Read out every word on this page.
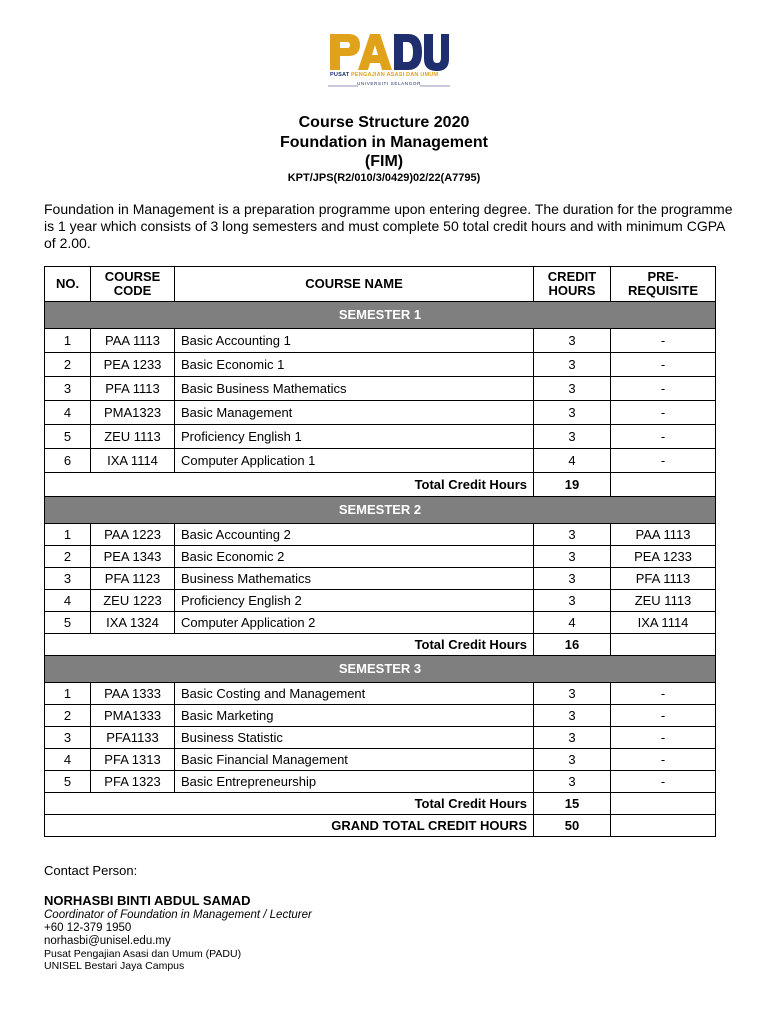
PUSAT PENGAJIAN ASASI DAN UMUM
UNIVERSITI SELANGOR
Course Structure 2020
Foundation in Management
(FIM)
KPT/JPS(R2/010/3/0429)02/22(A7795)
Foundation in Management is a preparation programme upon entering degree. The duration for the programme is 1 year which consists of 3 long semesters and must complete 50 total credit hours and with minimum CGPA of 2.00.
NO.	COURSE CODE	COURSE NAME	CREDIT HOURS	PRE-REQUISITE
SEMESTER 1				
1	PAA 1113	Basic Accounting 1	3	-
2	PEA 1233	Basic Economic 1	3	-
3	PFA 1113	Basic Business Mathematics	3	-
4	PMA1323	Basic Management	3	-
5	ZEU 1113	Proficiency English 1	3	-
6	IXA 1114	Computer Application 1	4	-
Total Credit Hours			19	
SEMESTER 2				
1	PAA 1223	Basic Accounting 2	3	PAA 1113
2	PEA 1343	Basic Economic 2	3	PEA 1233
3	PFA 1123	Business Mathematics	3	PFA 1113
4	ZEU 1223	Proficiency English 2	3	ZEU 1113
5	IXA 1324	Computer Application 2	4	IXA 1114
Total Credit Hours			16	
SEMESTER 3				
1	PAA 1333	Basic Costing and Management	3	-
2	PMA1333	Basic Marketing	3	-
3	PFA1133	Business Statistic	3	-
4	PFA 1313	Basic Financial Management	3	-
5	PFA 1323	Basic Entrepreneurship	3	-
Total Credit Hours			15	
GRAND TOTAL CREDIT HOURS			50	
Contact Person:
NORHASBI BINTI ABDUL SAMAD
Coordinator of Foundation in Management / Lecturer
+60 12-379 1950
norhasbi@unisel.edu.my
Pusat Pengajian Asasi dan Umum (PADU)
UNISEL Bestari Jaya Campus
